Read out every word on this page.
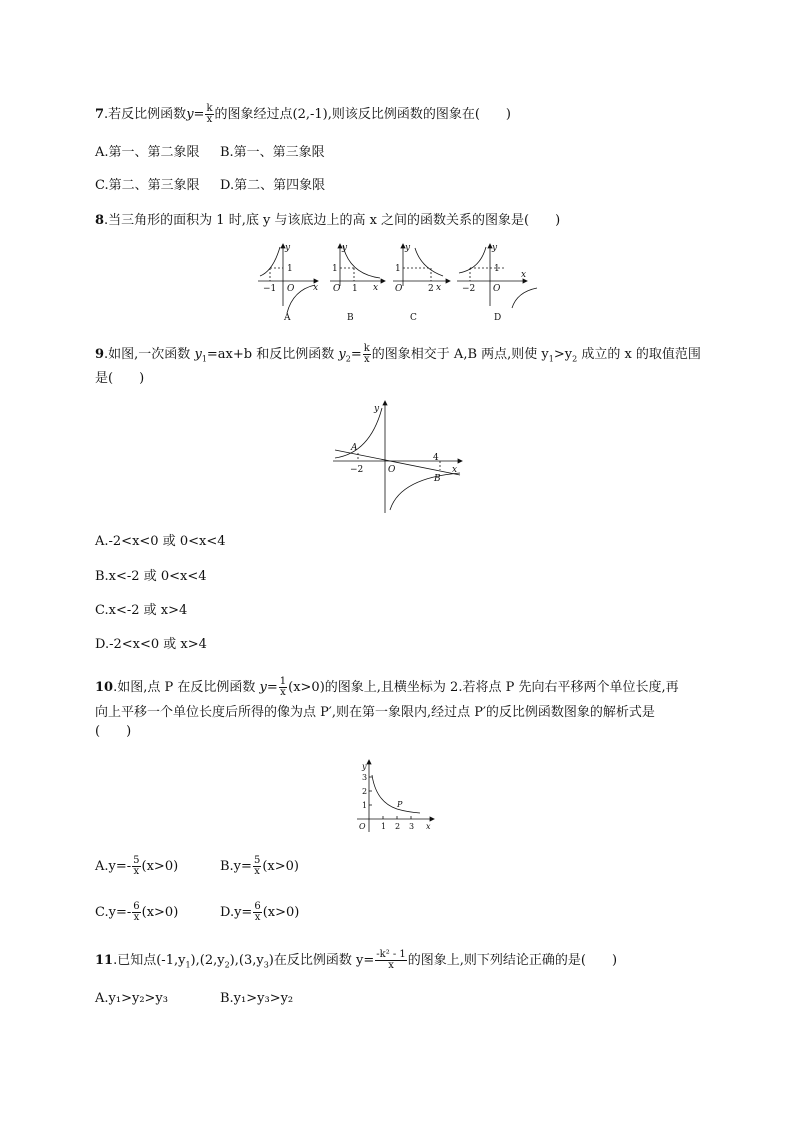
7.若反比例函数$y= \frac{k}{x}$ 的图象经过点(2,-1),则该反比例函数的图象在(　　)
A.第一、第二象限 B.第一、第三象限
C.第二、第三象限 D.第二、第四象限
8.当三角形的面积为 1 时,底 y 与该底边上的高 x 之间的函数关系的图象是(　　)
y
1
−1 O x
A
y
1
O 1 x
B
y
1
O	2 x
C
y
1
−2 O
x
D
9.如图,一次函数 $y_1=ax+b$ 和反比例函数 $y_2= \frac{k}{x}$ 的图象相交于 A,B 两点,则使 $y_1>y_2$ 成立的 x 的取值范围
是(　　)
y
A
−2	O
4
B
x
A.-2<x<0 或 0<x<4
B.x<-2 或 0<x<4
C.x<-2 或 x>4
D.-2<x<0 或 x>4
10.如图,点 P 在反比例函数 $y= \frac{1}{x} (x>0)$的图象上,且横坐标为 2.若将点 P 先向右平移两个单位长度,再
向上平移一个单位长度后所得的像为点 P′,则在第一象限内,经过点 P′的反比例函数图象的解析式是
(　　)
y
3
2
1
O 1 2 3 x
P
$A.y=- \frac{5}{x} (x>0)$	$B.y= \frac{5}{x} (x>0)$
$C.y=- \frac{6}{x} (x>0)$	$D.y= \frac{6}{x} (x>0)$
11.已知点$(-1,y_1),(2,y_2),(3,y_3)$在反比例函数 $y= \frac{\text{-k² - 1}}{x}$ 的图象上,则下列结论正确的是(　　)
A.y₁>y₂>y₃	B.y₁>y₃>y₂
